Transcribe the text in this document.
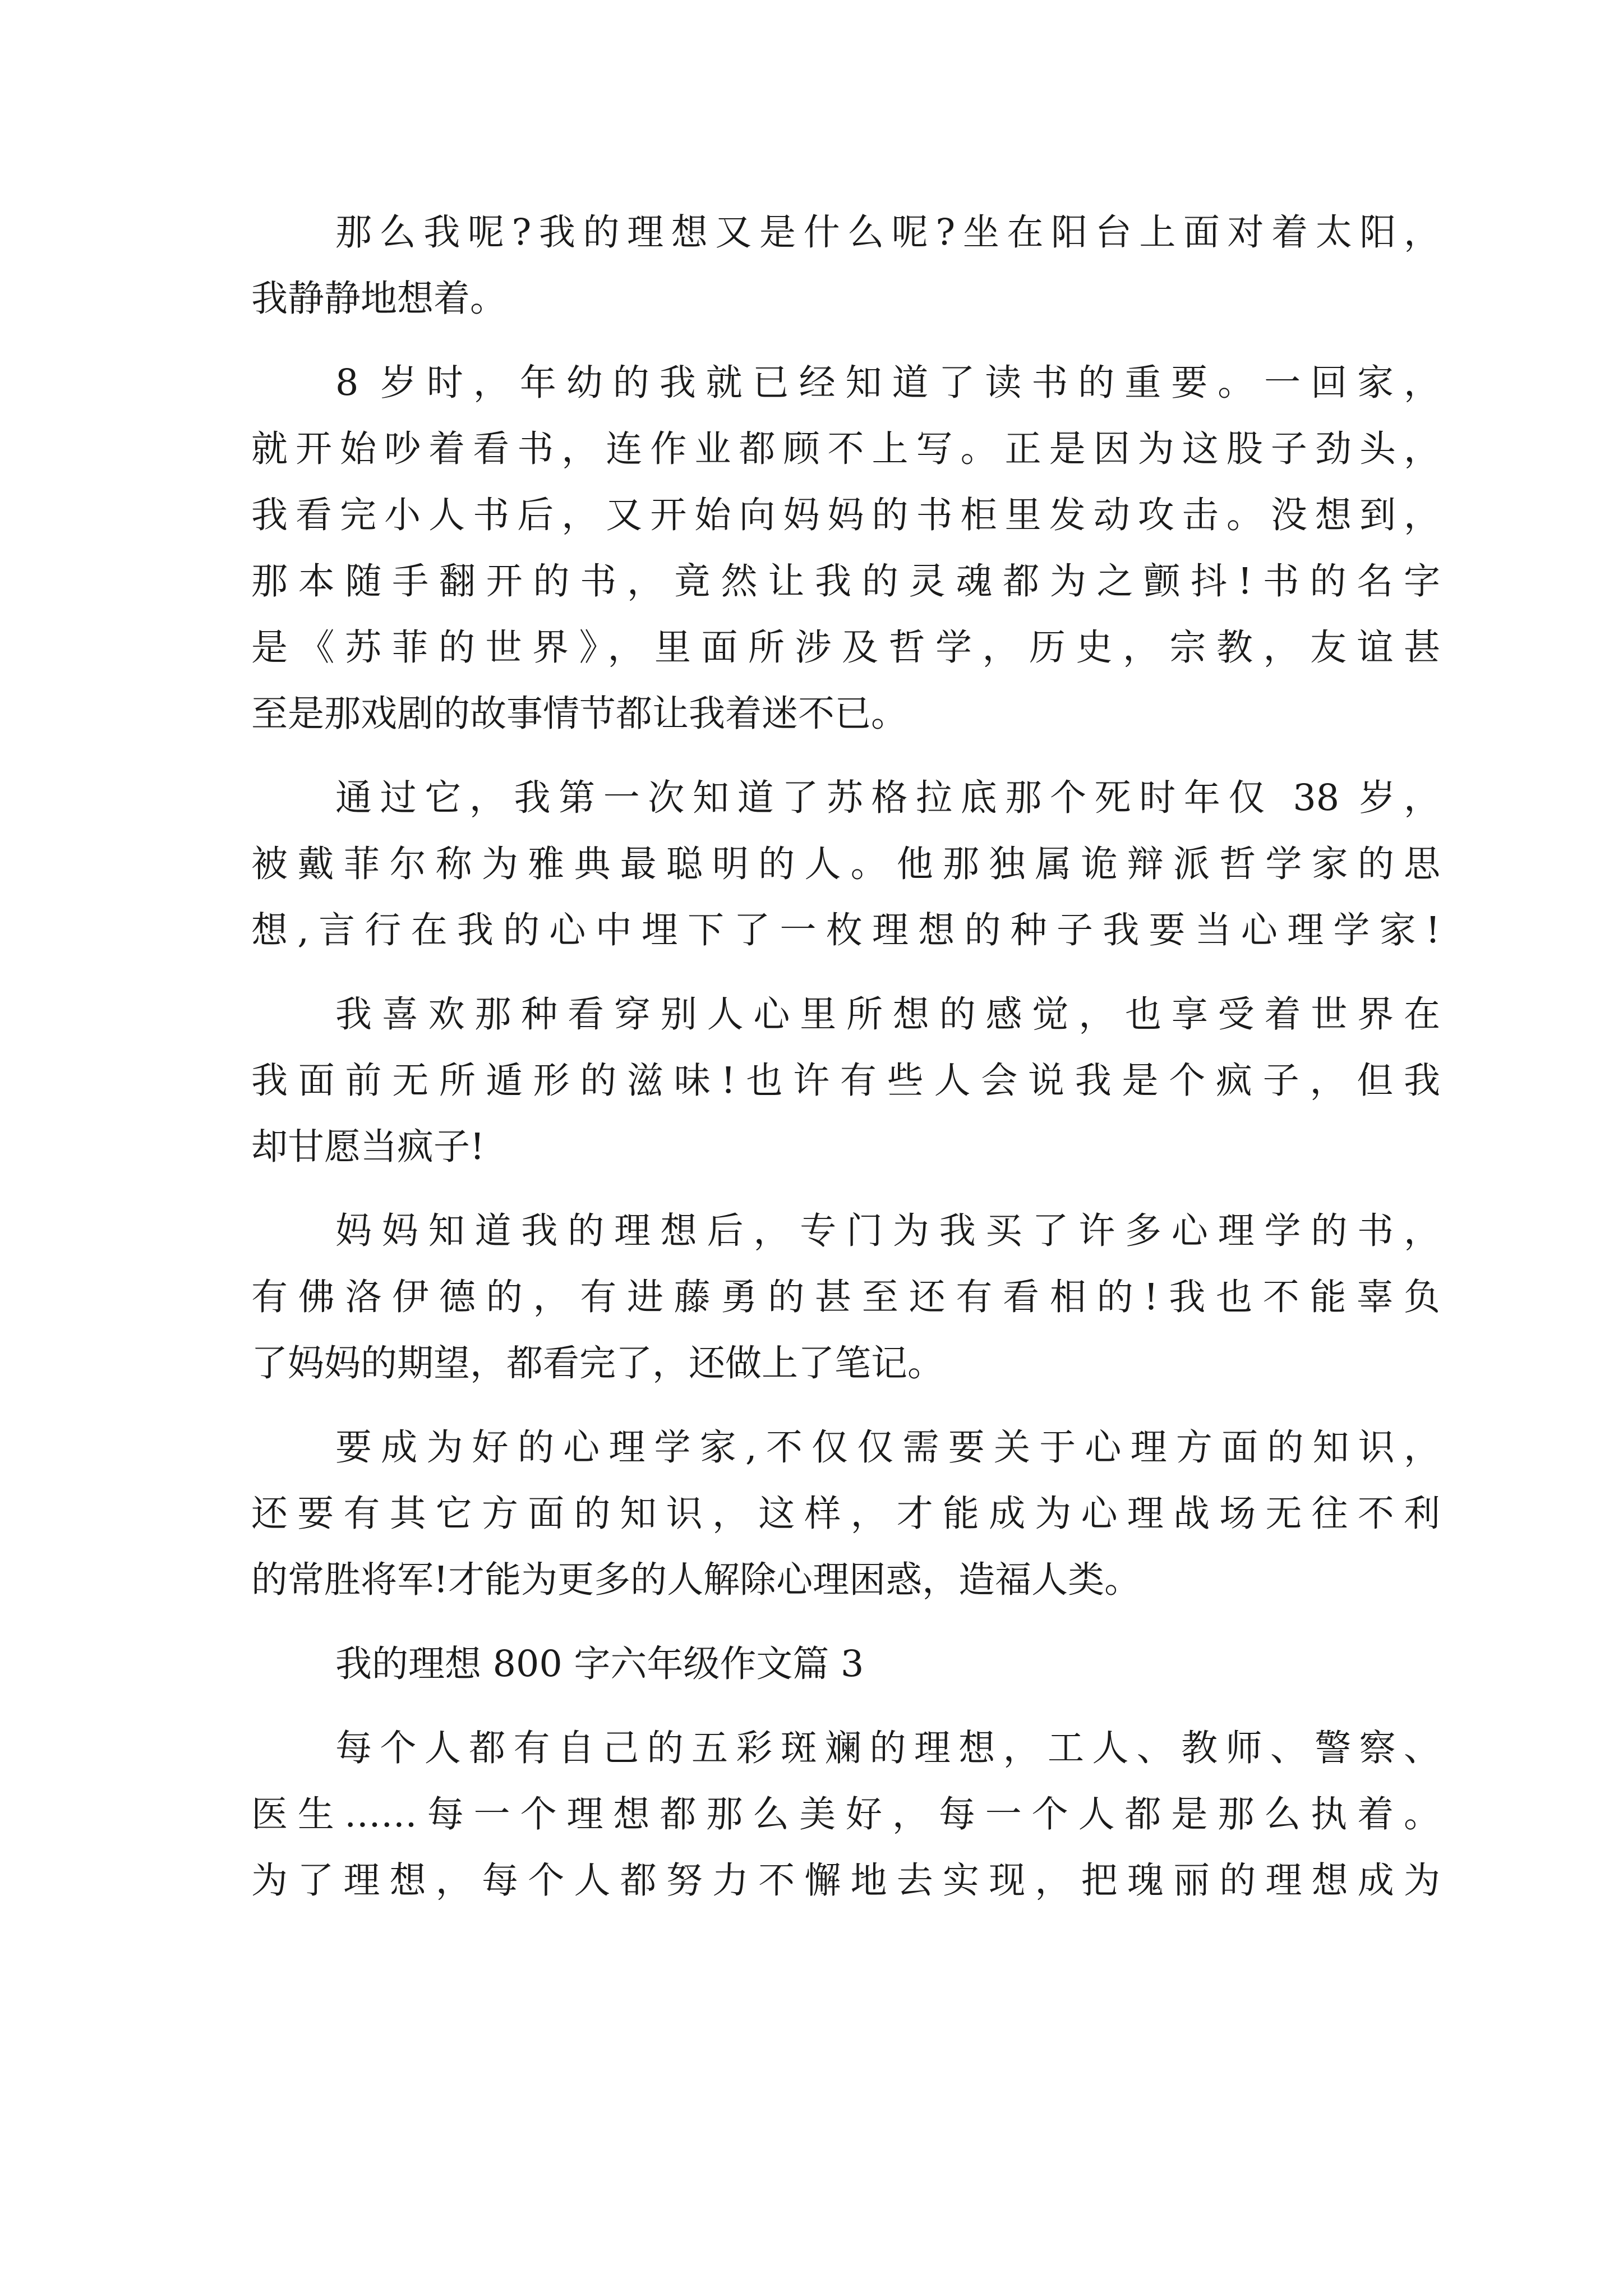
那么我呢?我的理想又是什么呢?坐在阳台上面对着太阳，
我静静地想着。
8 岁时，年幼的我就已经知道了读书的重要。一回家，
就开始吵着看书，连作业都顾不上写。正是因为这股子劲头，
我看完小人书后，又开始向妈妈的书柜里发动攻击。没想到，
那本随手翻开的书，竟然让我的灵魂都为之颤抖!书的名字
是《苏菲的世界》，里面所涉及哲学，历史，宗教，友谊甚
至是那戏剧的故事情节都让我着迷不已。
通过它，我第一次知道了苏格拉底那个死时年仅 38 岁，
被戴菲尔称为雅典最聪明的人。他那独属诡辩派哲学家的思
想,言行在我的心中埋下了一枚理想的种子我要当心理学家!
我喜欢那种看穿别人心里所想的感觉，也享受着世界在
我面前无所遁形的滋味!也许有些人会说我是个疯子，但我
却甘愿当疯子!
妈妈知道我的理想后，专门为我买了许多心理学的书，
有佛洛伊德的，有进藤勇的甚至还有看相的!我也不能辜负
了妈妈的期望，都看完了，还做上了笔记。
要成为好的心理学家,不仅仅需要关于心理方面的知识，
还要有其它方面的知识，这样，才能成为心理战场无往不利
的常胜将军!才能为更多的人解除心理困惑，造福人类。
我的理想 800 字六年级作文篇 3
每个人都有自己的五彩斑斓的理想，工人、教师、警察、
医生……每一个理想都那么美好，每一个人都是那么执着。
为了理想，每个人都努力不懈地去实现，把瑰丽的理想成为
